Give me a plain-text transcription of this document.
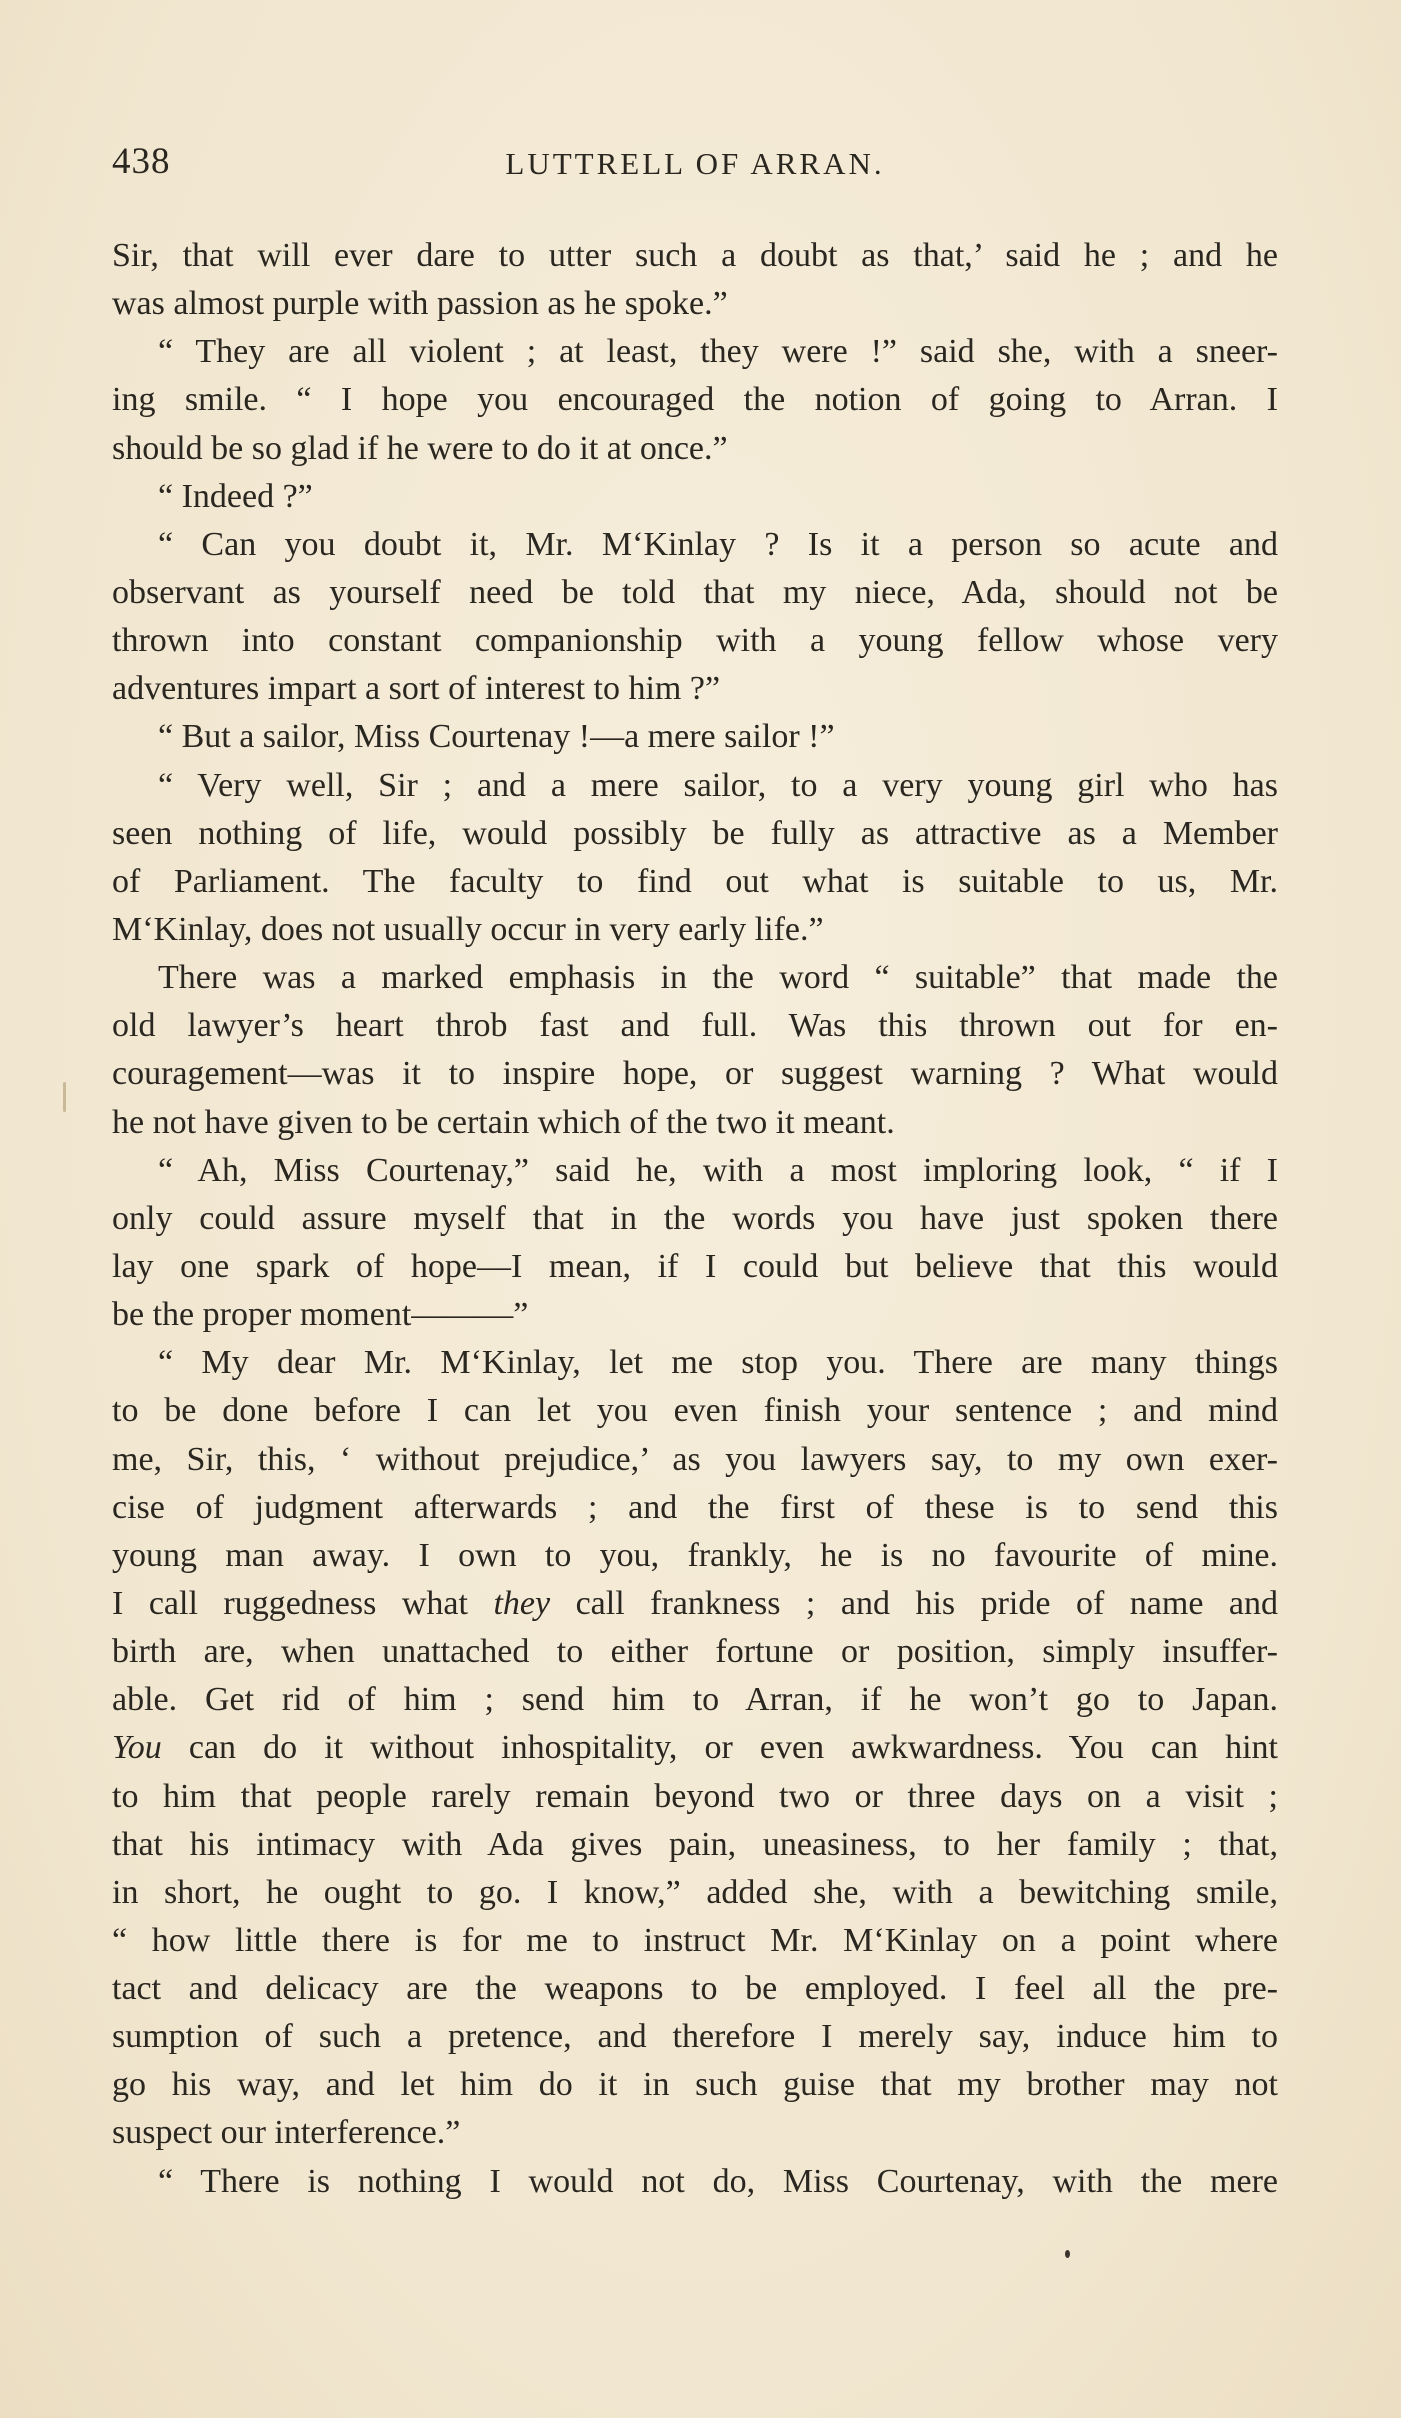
438	LUTTRELL OF ARRAN.
Sir, that will ever dare to utter such a doubt as that,’ said he ; and he
was almost purple with passion as he spoke.”
“ They are all violent ; at least, they were !” said she, with a sneer-
ing smile. “ I hope you encouraged the notion of going to Arran. I
should be so glad if he were to do it at once.”
“ Indeed ?”
“ Can you doubt it, Mr. M‘Kinlay ? Is it a person so acute and
observant as yourself need be told that my niece, Ada, should not be
thrown into constant companionship with a young fellow whose very
adventures impart a sort of interest to him ?”
“ But a sailor, Miss Courtenay !—a mere sailor !”
“ Very well, Sir ; and a mere sailor, to a very young girl who has
seen nothing of life, would possibly be fully as attractive as a Member
of Parliament. The faculty to find out what is suitable to us, Mr.
M‘Kinlay, does not usually occur in very early life.”
There was a marked emphasis in the word “ suitable” that made the
old lawyer’s heart throb fast and full. Was this thrown out for en-
couragement—was it to inspire hope, or suggest warning ? What would
he not have given to be certain which of the two it meant.
“ Ah, Miss Courtenay,” said he, with a most imploring look, “ if I
only could assure myself that in the words you have just spoken there
lay one spark of hope—I mean, if I could but believe that this would
be the proper moment———”
“ My dear Mr. M‘Kinlay, let me stop you. There are many things
to be done before I can let you even finish your sentence ; and mind
me, Sir, this, ‘ without prejudice,’ as you lawyers say, to my own exer-
cise of judgment afterwards ; and the first of these is to send this
young man away. I own to you, frankly, he is no favourite of mine.
I call ruggedness what they call frankness ; and his pride of name and
birth are, when unattached to either fortune or position, simply insuffer-
able. Get rid of him ; send him to Arran, if he won’t go to Japan.
You can do it without inhospitality, or even awkwardness. You can hint
to him that people rarely remain beyond two or three days on a visit ;
that his intimacy with Ada gives pain, uneasiness, to her family ; that,
in short, he ought to go. I know,” added she, with a bewitching smile,
“ how little there is for me to instruct Mr. M‘Kinlay on a point where
tact and delicacy are the weapons to be employed. I feel all the pre-
sumption of such a pretence, and therefore I merely say, induce him to
go his way, and let him do it in such guise that my brother may not
suspect our interference.”
“ There is nothing I would not do, Miss Courtenay, with the mere
